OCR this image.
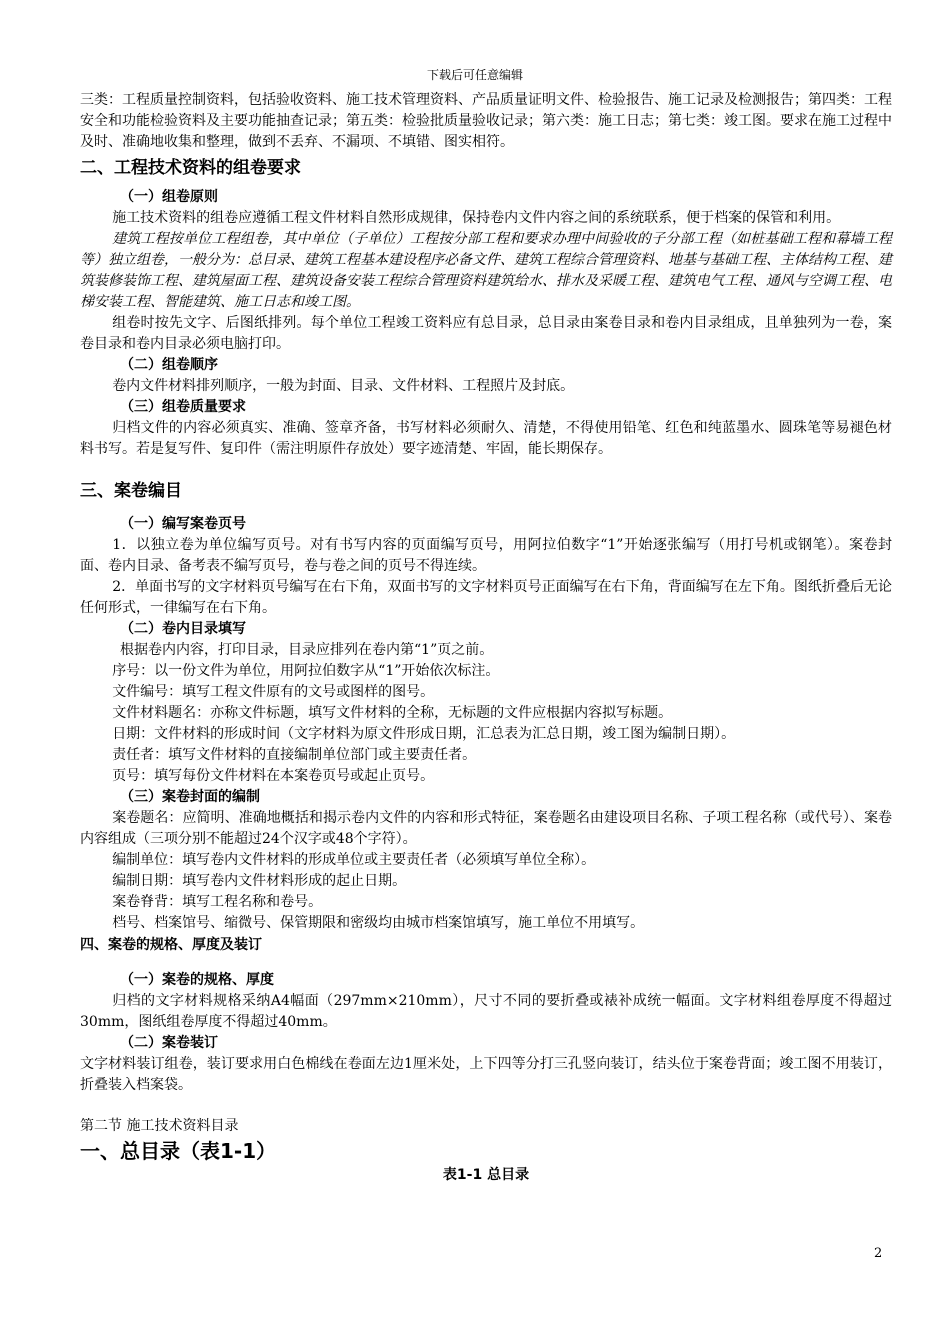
下载后可任意编辑

三类：工程质量控制资料，包括验收资料、施工技术管理资料、产品质量证明文件、检验报告、施工记录及检测报告；第四类：工程安全和功能检验资料及主要功能抽查记录；第五类：检验批质量验收记录；第六类：施工日志；第七类：竣工图。要求在施工过程中及时、准确地收集和整理，做到不丢弃、不漏项、不填错、图实相符。

二、工程技术资料的组卷要求

（一）组卷原则

施工技术资料的组卷应遵循工程文件材料自然形成规律，保持卷内文件内容之间的系统联系，便于档案的保管和利用。

建筑工程按单位工程组卷，其中单位（子单位）工程按分部工程和要求办理中间验收的子分部工程（如桩基础工程和幕墙工程等）独立组卷，一般分为：总目录、建筑工程基本建设程序必备文件、建筑工程综合管理资料、地基与基础工程、主体结构工程、建筑装修装饰工程、建筑屋面工程、建筑设备安装工程综合管理资料建筑给水、排水及采暖工程、建筑电气工程、通风与空调工程、电梯安装工程、智能建筑、施工日志和竣工图。

组卷时按先文字、后图纸排列。每个单位工程竣工资料应有总目录，总目录由案卷目录和卷内目录组成，且单独列为一卷，案卷目录和卷内目录必须电脑打印。

（二）组卷顺序

卷内文件材料排列顺序，一般为封面、目录、文件材料、工程照片及封底。

（三）组卷质量要求

归档文件的内容必须真实、准确、签章齐备，书写材料必须耐久、清楚，不得使用铅笔、红色和纯蓝墨水、圆珠笔等易褪色材料书写。若是复写件、复印件（需注明原件存放处）要字迹清楚、牢固，能长期保存。

三、案卷编目

（一）编写案卷页号

1．以独立卷为单位编写页号。对有书写内容的页面编写页号，用阿拉伯数字“1”开始逐张编写（用打号机或钢笔）。案卷封面、卷内目录、备考表不编写页号，卷与卷之间的页号不得连续。

2．单面书写的文字材料页号编写在右下角，双面书写的文字材料页号正面编写在右下角，背面编写在左下角。图纸折叠后无论任何形式，一律编写在右下角。

（二）卷内目录填写

根据卷内内容，打印目录，目录应排列在卷内第“1”页之前。

序号：以一份文件为单位，用阿拉伯数字从“1”开始依次标注。

文件编号：填写工程文件原有的文号或图样的图号。

文件材料题名：亦称文件标题，填写文件材料的全称，无标题的文件应根据内容拟写标题。

日期：文件材料的形成时间（文字材料为原文件形成日期，汇总表为汇总日期，竣工图为编制日期）。

责任者：填写文件材料的直接编制单位部门或主要责任者。

页号：填写每份文件材料在本案卷页号或起止页号。

（三）案卷封面的编制

案卷题名：应简明、准确地概括和揭示卷内文件的内容和形式特征，案卷题名由建设项目名称、子项工程名称（或代号）、案卷内容组成（三项分别不能超过24个汉字或48个字符）。

编制单位：填写卷内文件材料的形成单位或主要责任者（必须填写单位全称）。

编制日期：填写卷内文件材料形成的起止日期。

案卷脊背：填写工程名称和卷号。

档号、档案馆号、缩微号、保管期限和密级均由城市档案馆填写，施工单位不用填写。

四、案卷的规格、厚度及装订

（一）案卷的规格、厚度

归档的文字材料规格采纳A4幅面（297mm×210mm），尺寸不同的要折叠或裱补成统一幅面。文字材料组卷厚度不得超过30mm，图纸组卷厚度不得超过40mm。

（二）案卷装订

文字材料装订组卷，装订要求用白色棉线在卷面左边1厘米处，上下四等分打三孔竖向装订，结头位于案卷背面；竣工图不用装订，折叠装入档案袋。

第二节 施工技术资料目录

一、总目录（表1-1）

表1-1 总目录

2
